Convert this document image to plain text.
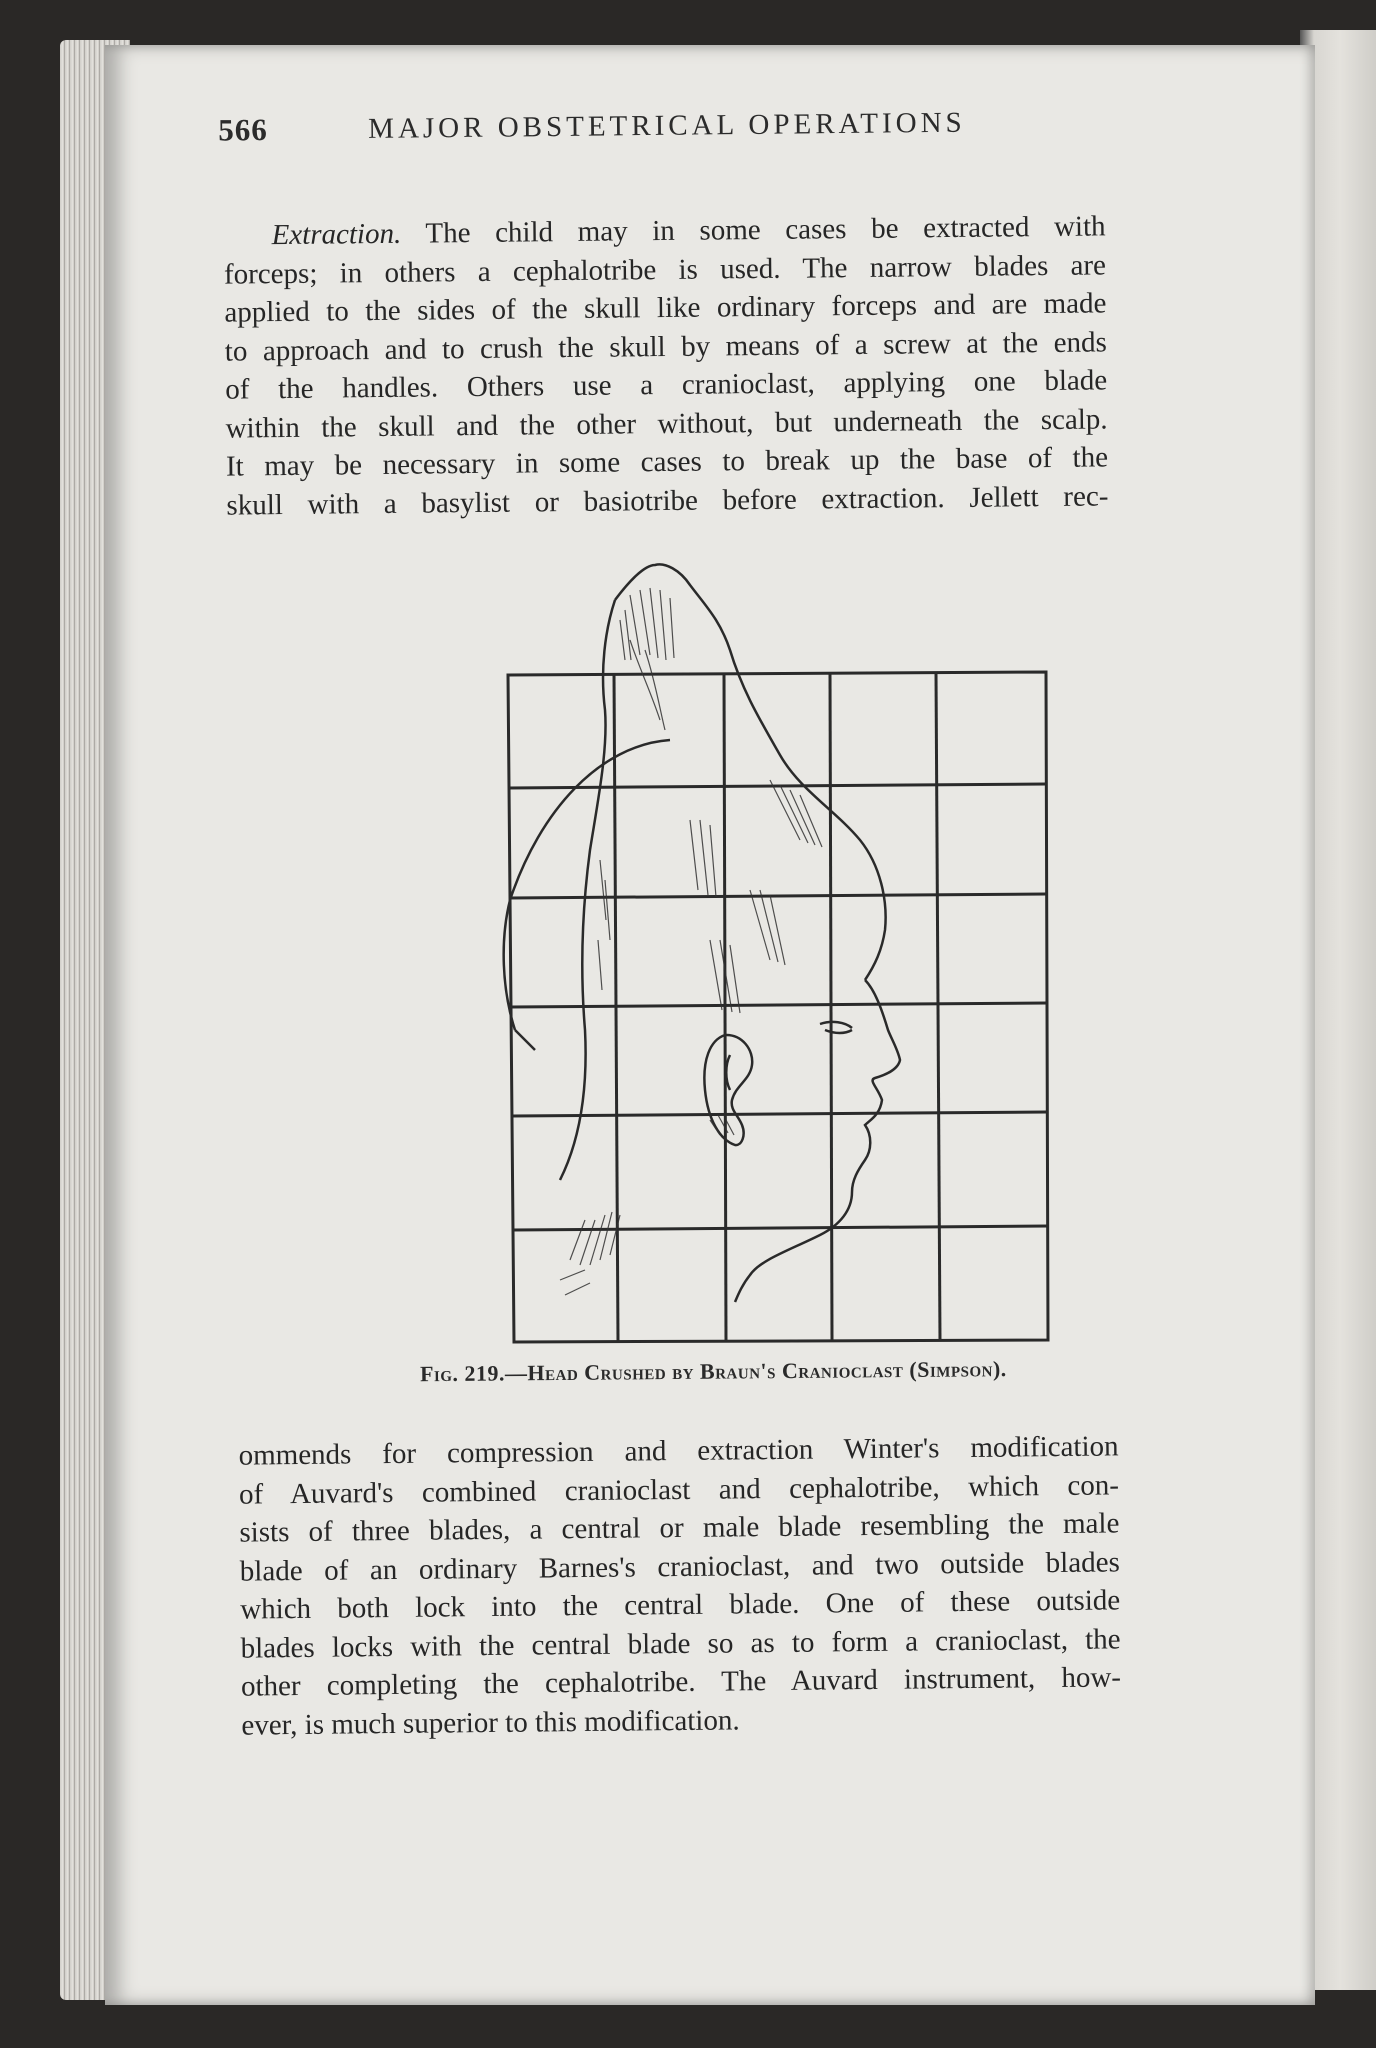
566	MAJOR OBSTETRICAL OPERATIONS
Extraction. The child may in some cases be extracted with
forceps; in others a cephalotribe is used. The narrow blades are
applied to the sides of the skull like ordinary forceps and are made
to approach and to crush the skull by means of a screw at the ends
of the handles. Others use a cranioclast, applying one blade
within the skull and the other without, but underneath the scalp.
It may be necessary in some cases to break up the base of the
skull with a basylist or basiotribe before extraction. Jellett rec-
Fig. 219.—Head Crushed by Braun's Cranioclast (Simpson).
ommends for compression and extraction Winter's modification
of Auvard's combined cranioclast and cephalotribe, which con-
sists of three blades, a central or male blade resembling the male
blade of an ordinary Barnes's cranioclast, and two outside blades
which both lock into the central blade. One of these outside
blades locks with the central blade so as to form a cranioclast, the
other completing the cephalotribe. The Auvard instrument, how-
ever, is much superior to this modification.
